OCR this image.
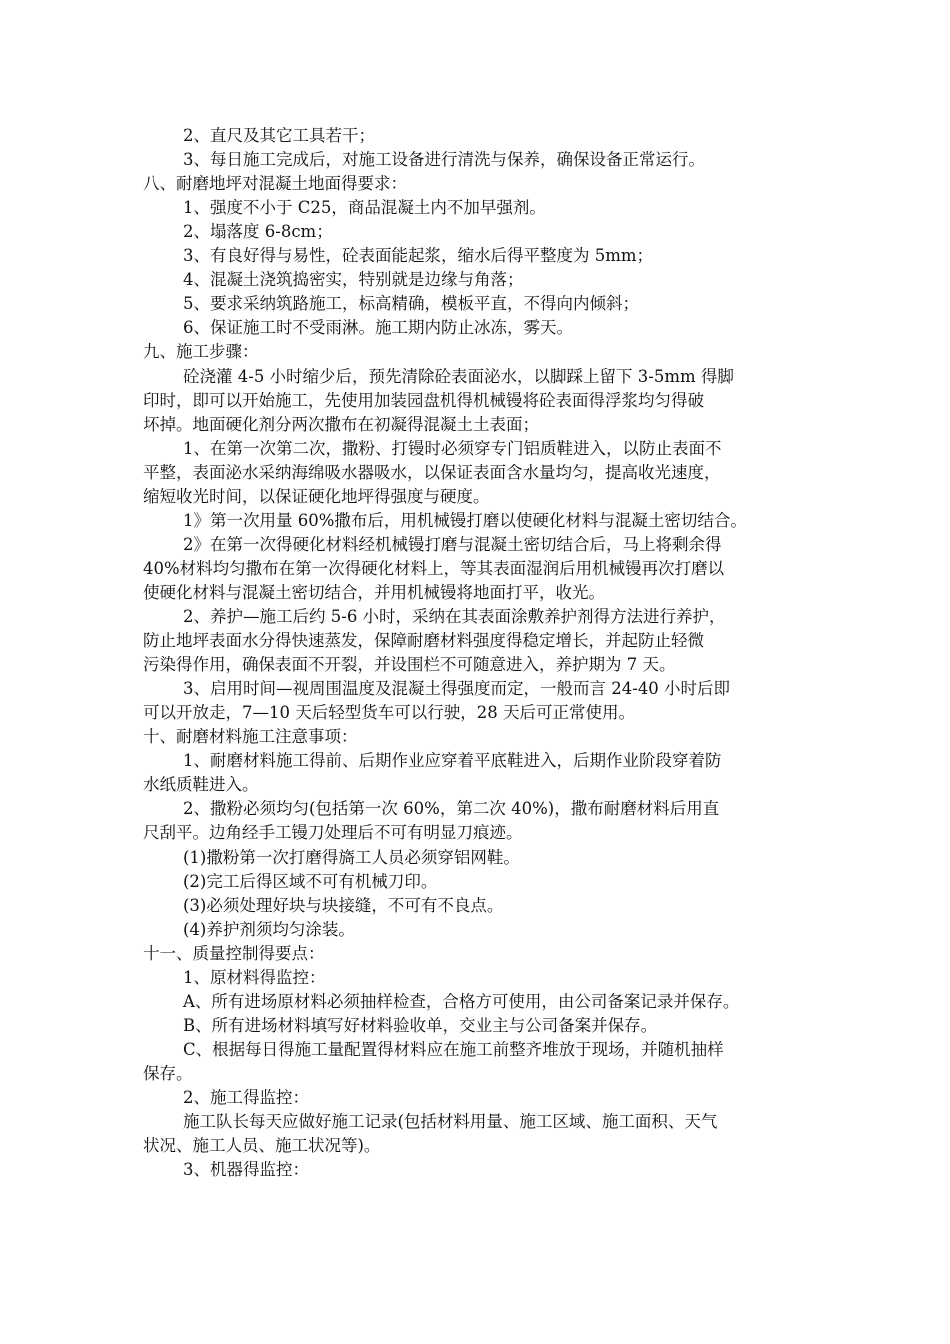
2、直尺及其它工具若干；
3、每日施工完成后，对施工设备进行清洗与保养，确保设备正常运行。
八、耐磨地坪对混凝土地面得要求：
1、强度不小于 C25，商品混凝土内不加早强剂。
2、塌落度 6-8cm；
3、有良好得与易性，砼表面能起浆，缩水后得平整度为 5mm；
4、混凝土浇筑捣密实，特别就是边缘与角落；
5、要求采纳筑路施工，标高精确，模板平直，不得向内倾斜；
6、保证施工时不受雨淋。施工期内防止冰冻，雾天。
九、施工步骤：
砼浇灌 4-5 小时缩少后，预先清除砼表面泌水，以脚踩上留下 3-5mm 得脚
印时，即可以开始施工，先使用加装园盘机得机械镘将砼表面得浮浆均匀得破
坏掉。地面硬化剂分两次撒布在初凝得混凝土土表面；
1、在第一次第二次，撒粉、打镘时必须穿专门铝质鞋进入，以防止表面不
平整，表面泌水采纳海绵吸水器吸水，以保证表面含水量均匀，提高收光速度，
缩短收光时间，以保证硬化地坪得强度与硬度。
1》第一次用量 60%撒布后，用机械镘打磨以使硬化材料与混凝土密切结合。
2》在第一次得硬化材料经机械镘打磨与混凝土密切结合后，马上将剩余得
40%材料均匀撒布在第一次得硬化材料上，等其表面湿润后用机械镘再次打磨以
使硬化材料与混凝土密切结合，并用机械镘将地面打平，收光。
2、养护—施工后约 5-6 小时，采纳在其表面涂敷养护剂得方法进行养护，
防止地坪表面水分得快速蒸发，保障耐磨材料强度得稳定增长，并起防止轻微
污染得作用，确保表面不开裂，并设围栏不可随意进入，养护期为 7 天。
3、启用时间—视周围温度及混凝土得强度而定，一般而言 24-40 小时后即
可以开放走，7—10 天后轻型货车可以行驶，28 天后可正常使用。
十、耐磨材料施工注意事项：
1、耐磨材料施工得前、后期作业应穿着平底鞋进入，后期作业阶段穿着防
水纸质鞋进入。
2、撒粉必须均匀(包括第一次 60%，第二次 40%)，撒布耐磨材料后用直
尺刮平。边角经手工镘刀处理后不可有明显刀痕迹。
(1)撒粉第一次打磨得旖工人员必须穿铝网鞋。
(2)完工后得区域不可有机械刀印。
(3)必须处理好块与块接缝，不可有不良点。
(4)养护剂须均匀涂装。
十一、质量控制得要点：
1、原材料得监控：
A、所有进场原材料必须抽样检查，合格方可使用，由公司备案记录并保存。
B、所有进场材料填写好材料验收单，交业主与公司备案并保存。
C、根据每日得施工量配置得材料应在施工前整齐堆放于现场，并随机抽样
保存。
2、施工得监控：
施工队长每天应做好施工记录(包括材料用量、施工区域、施工面积、天气
状况、施工人员、施工状况等)。
3、机器得监控：
